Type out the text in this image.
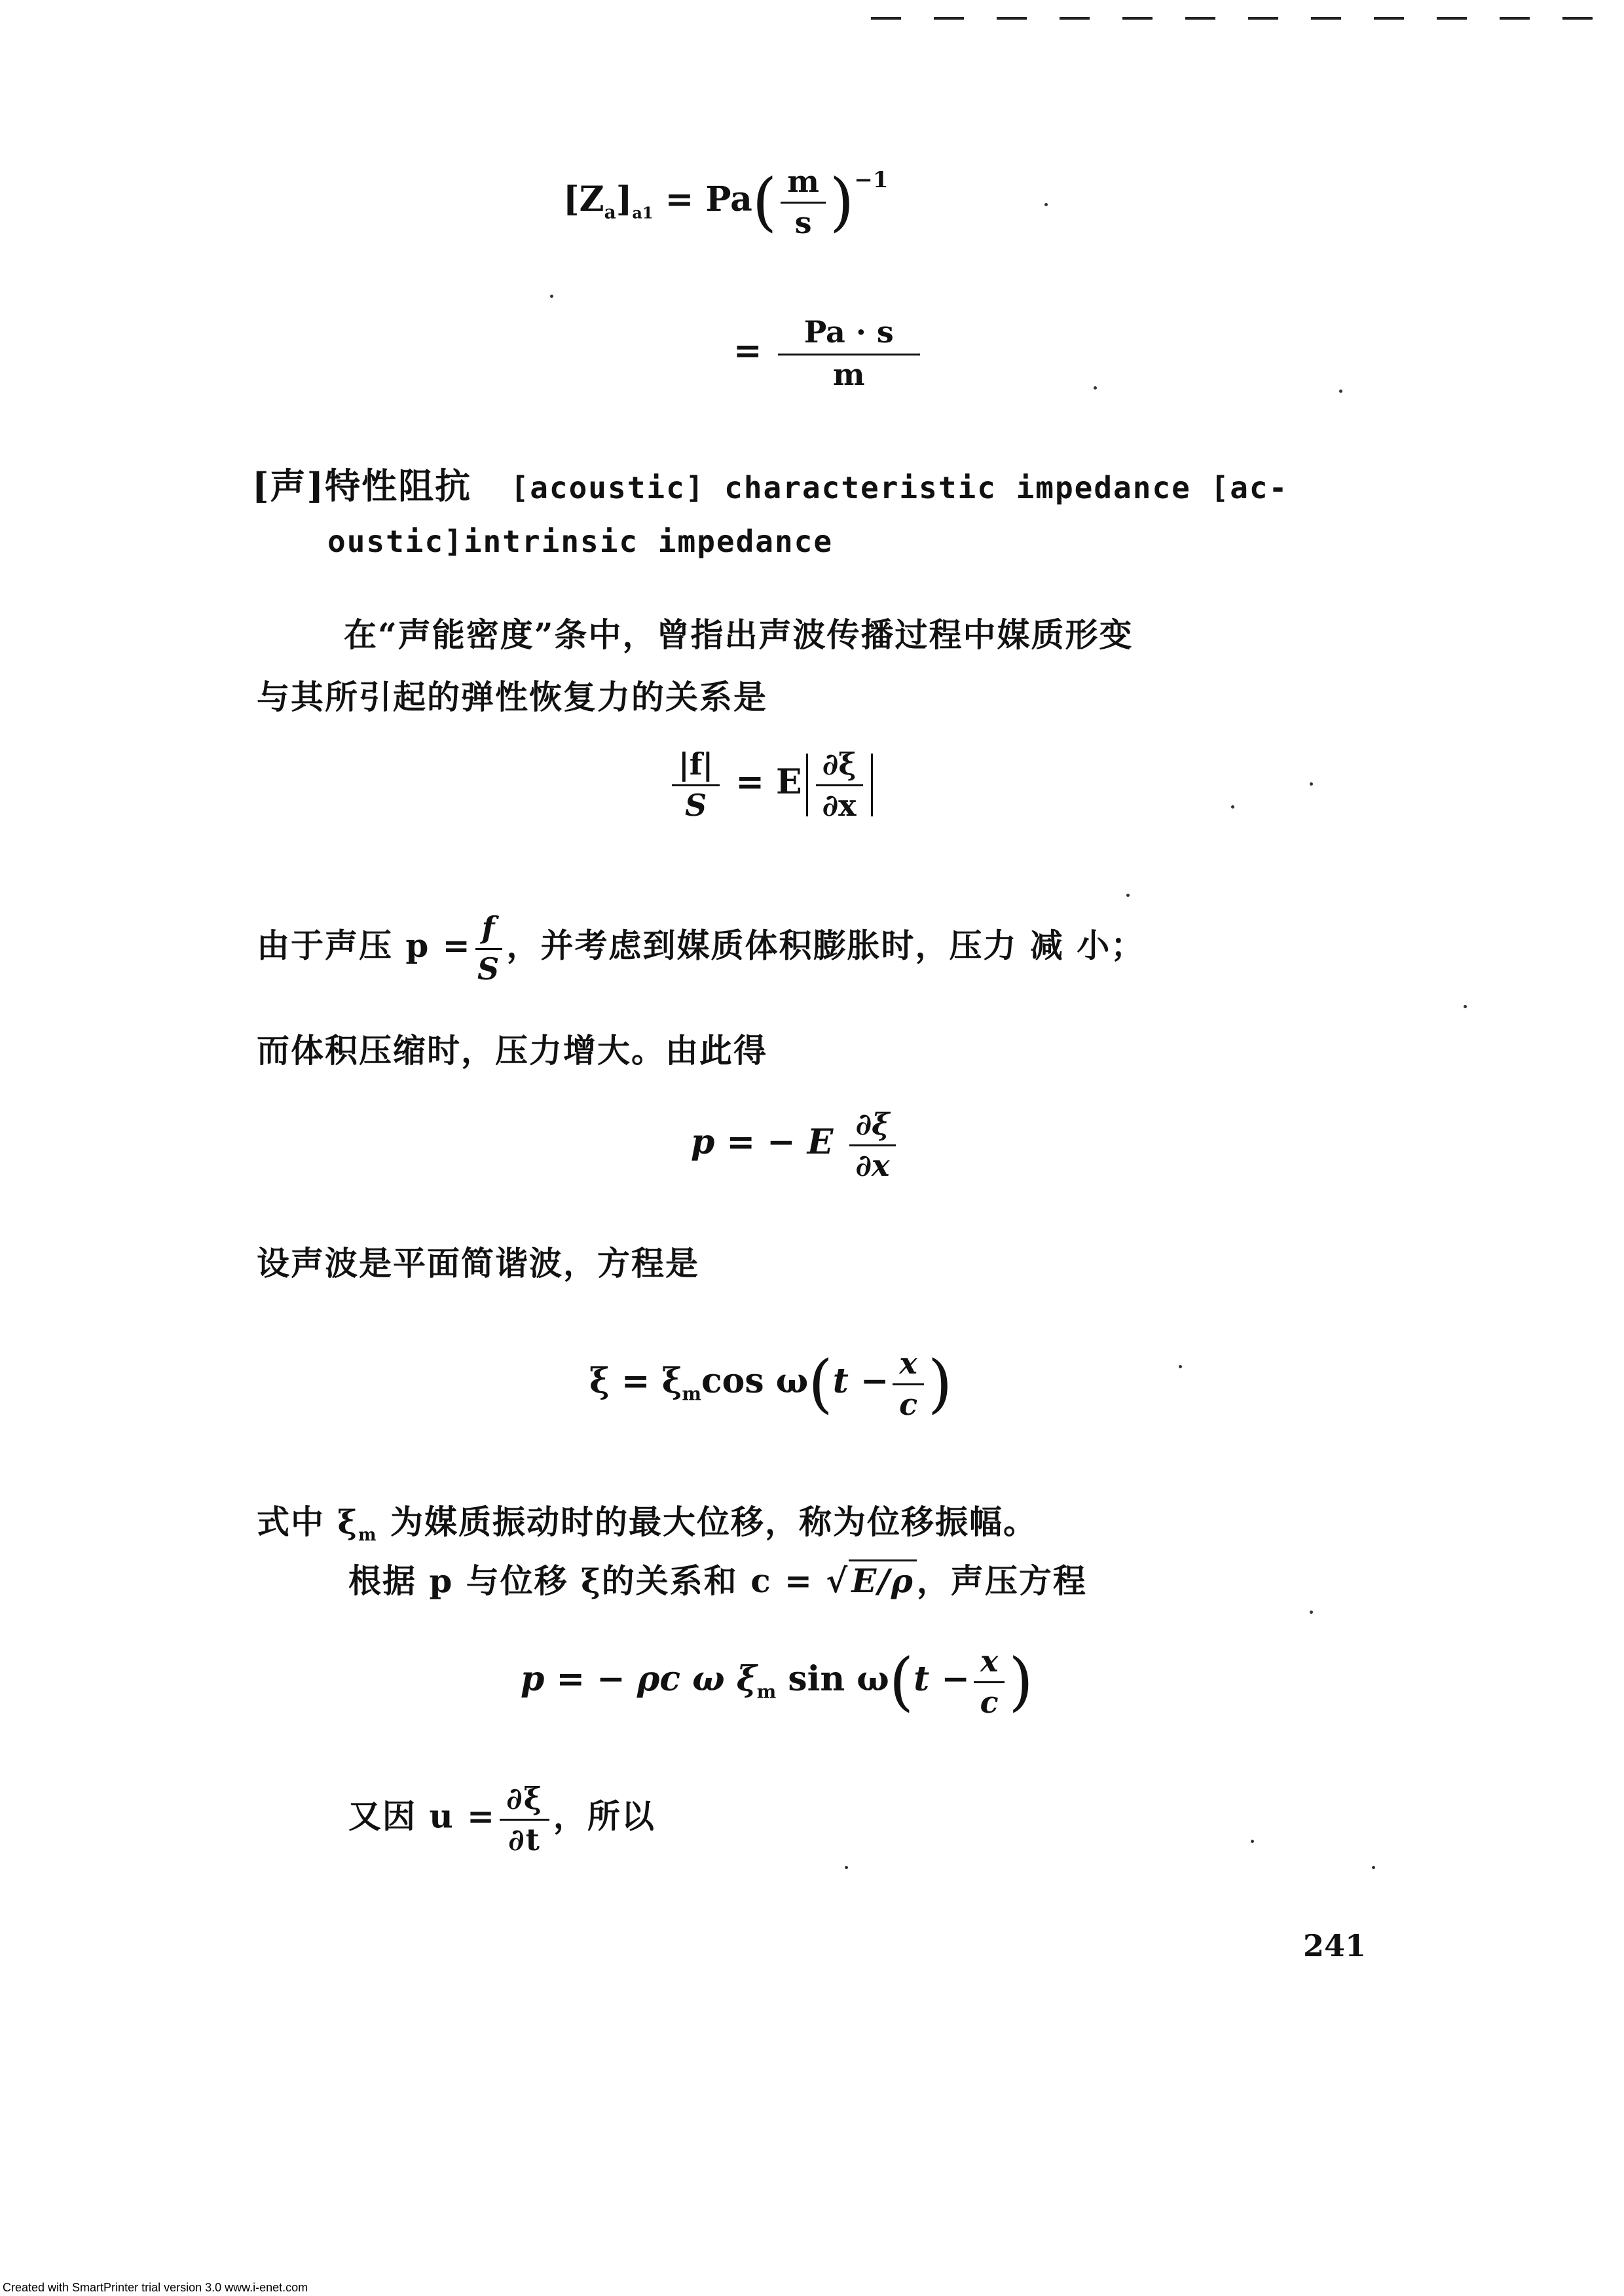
$[Z_a]_{a1} = Pa( \frac{m}{s} )^{-1}$
= $\frac{Pa \cdot s}{m}$
[声]特性阻抗 [acoustic] characteristic impedance [ac-
oustic]intrinsic impedance
在“声能密度”条中，曾指出声波传播过程中媒质形变
与其所引起的弹性恢复力的关系是
$\frac{|f|}{S} = E \frac{\partial\xi}{\partial x}$
由于声压 $p = \frac{f}{S}$ ，并考虑到媒质体积膨胀时，压力 减 小；
而体积压缩时，压力增大。由此得
p = − E $\frac{\partial\xi}{\partial x}$
设声波是平面简谐波，方程是
$\xi = \xi_m\cos$ $\omega(t - \frac{x}{c}$ )
式中 $\xi_m$ 为媒质振动时的最大位移，称为位移振幅。
根据 p 与位移 ξ的关系和 c = √E/ρ，声压方程
p = − ρc ω $\xi_m$ $\sin \omega(t - \frac{x}{c}$ )
又因 $u = \frac{\partial\xi}{\partial t}$ ，所以
241
Created with SmartPrinter trial version 3.0 www.i-enet.com
